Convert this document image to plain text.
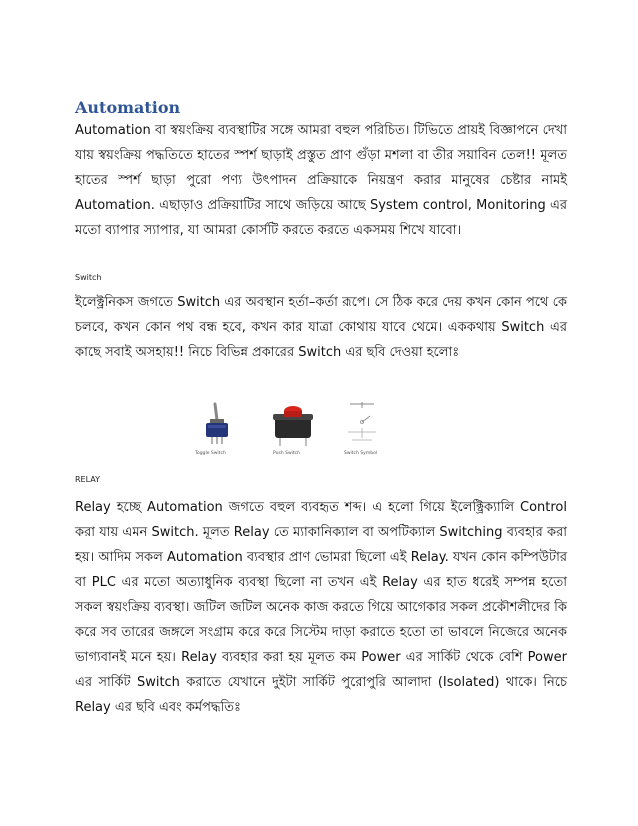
Automation

Automation বা স্বয়ংক্রিয় ব্যবস্থাটির সঙ্গে আমরা বহুল পরিচিত। টিভিতে প্রায়ই বিজ্ঞাপনে দেখা যায় স্বয়ংক্রিয় পদ্ধতিতে হাতের স্পর্শ ছাড়াই প্রস্তুত প্রাণ গুঁড়া মশলা বা তীর সয়াবিন তেল!! মূলত হাতের স্পর্শ ছাড়া পুরো পণ্য উৎপাদন প্রক্রিয়াকে নিয়ন্ত্রণ করার মানুষের চেষ্টার নামই Automation. এছাড়াও প্রক্রিয়াটির সাথে জড়িয়ে আছে System control, Monitoring এর মতো ব্যাপার স্যাপার, যা আমরা কোর্সটি করতে করতে একসময় শিখে যাবো।

Switch

ইলেক্ট্রনিকস জগতে Switch এর অবস্থান হর্তা–কর্তা রূপে। সে ঠিক করে দেয় কখন কোন পথে কে চলবে, কখন কোন পথ বন্ধ হবে, কখন কার যাত্রা কোথায় যাবে থেমে। এককথায় Switch এর কাছে সবাই অসহায়!! নিচে বিভিন্ন প্রকারের Switch এর ছবি দেওয়া হলোঃ

Toggle Switch	Push Switch	Switch Symbol
RELAY

Relay হচ্ছে Automation জগতে বহুল ব্যবহৃত শব্দ। এ হলো গিয়ে ইলেক্ট্রিক্যালি Control করা যায় এমন Switch. মূলত Relay তে ম্যাকানিক্যাল বা অপটিক্যাল Switching ব্যবহার করা হয়। আদিম সকল Automation ব্যবস্থার প্রাণ ভোমরা ছিলো এই Relay. যখন কোন কম্পিউটার বা PLC এর মতো অত্যাধুনিক ব্যবস্থা ছিলো না তখন এই Relay এর হাত ধরেই সম্পন্ন হতো সকল স্বয়ংক্রিয় ব্যবস্থা। জটিল জটিল অনেক কাজ করতে গিয়ে আগেকার সকল প্রকৌশলীদের কি করে সব তারের জঙ্গলে সংগ্রাম করে করে সিস্টেম দাড়া করাতে হতো তা ভাবলে নিজেরে অনেক ভাগ্যবানই মনে হয়। Relay ব্যবহার করা হয় মূলত কম Power এর সার্কিট থেকে বেশি Power এর সার্কিট Switch করাতে যেখানে দুইটা সার্কিট পুরোপুরি আলাদা (Isolated) থাকে। নিচে Relay এর ছবি এবং কর্মপদ্ধতিঃ
